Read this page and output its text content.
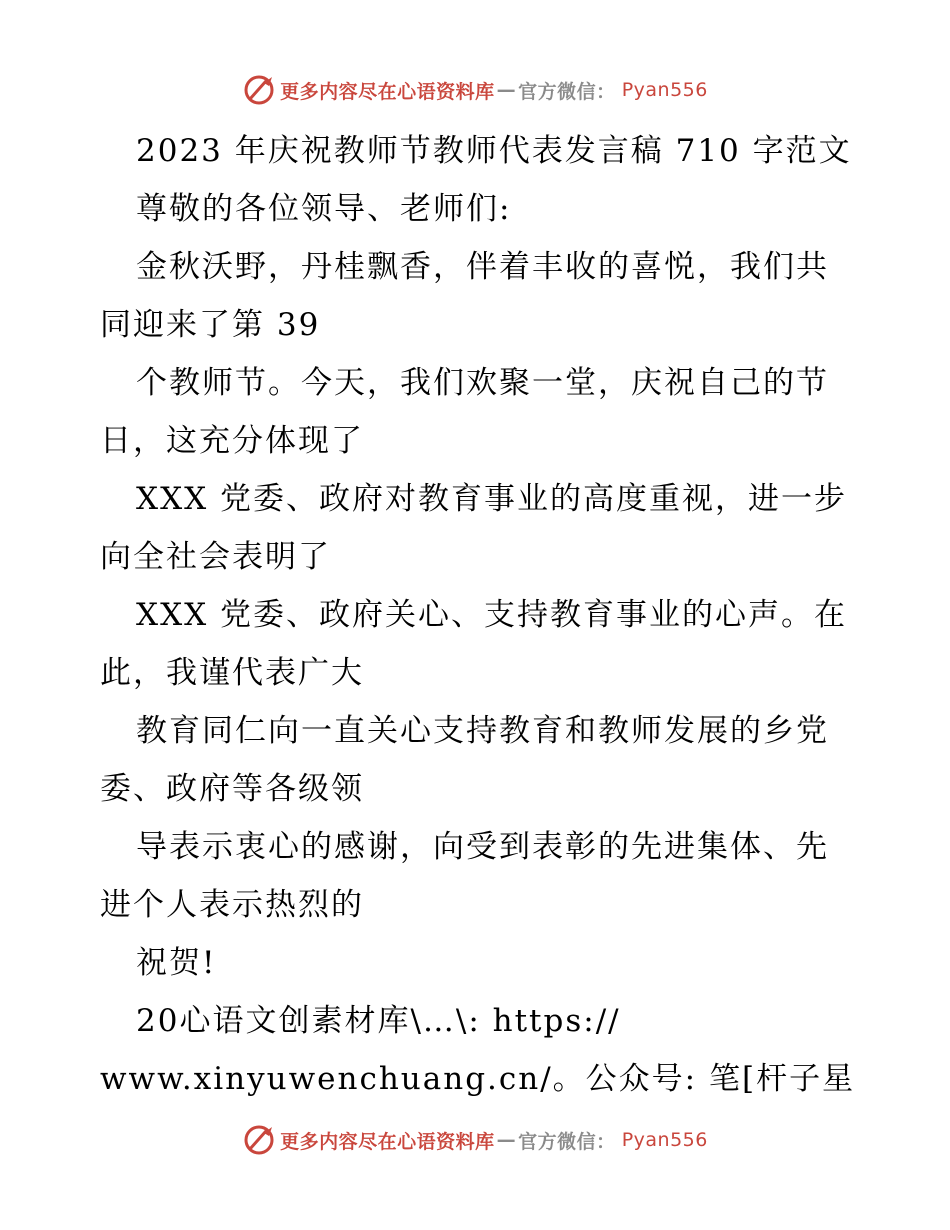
更多内容尽在心语资料库 — 官方微信： Pyan556
2023 年庆祝教师节教师代表发言稿 710 字范文
尊敬的各位领导、老师们:
金秋沃野，丹桂飘香，伴着丰收的喜悦，我们共
同迎来了第 39
个教师节。今天，我们欢聚一堂，庆祝自己的节
日，这充分体现了
XXX 党委、政府对教育事业的高度重视，进一步
向全社会表明了
XXX 党委、政府关心、支持教育事业的心声。在
此，我谨代表广大
教育同仁向一直关心支持教育和教师发展的乡党
委、政府等各级领
导表示衷心的感谢，向受到表彰的先进集体、先
进个人表示热烈的
祝贺!
20心语文创素材库\…\: https://
www.xinyuwenchuang.cn/。公众号: 笔[杆子星
更多内容尽在心语资料库 — 官方微信： Pyan556
